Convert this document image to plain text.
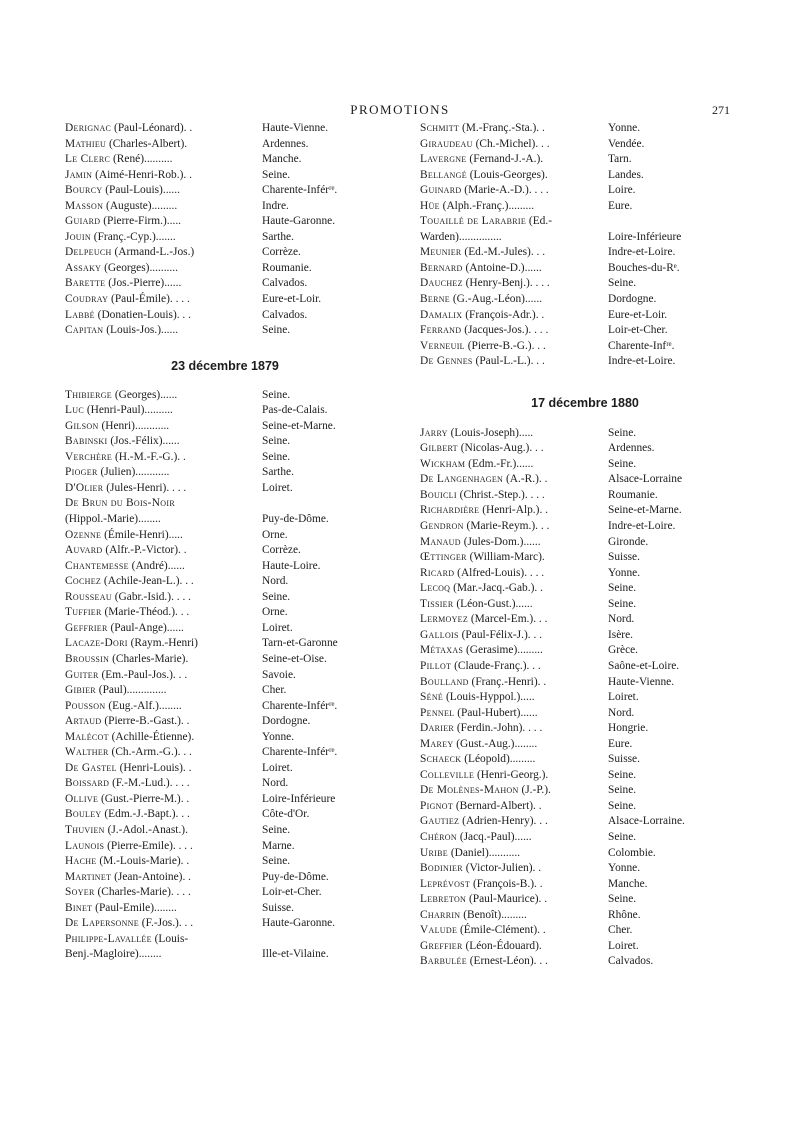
PROMOTIONS	271
Derignac (Paul-Léonard). .	Haute-Vienne.
Mathieu (Charles-Albert).	Ardennes.
Le Clerc (René)..........	Manche.
Jamin (Aimé-Henri-Rob.). .	Seine.
Bourcy (Paul-Louis)......	Charente-Inférʳᵉ.
Masson (Auguste).........	Indre.
Guiard (Pierre-Firm.).....	Haute-Garonne.
Jouin (Franç.-Cyp.).......	Sarthe.
Delpeuch (Armand-L.-Jos.)	Corrèze.
Assaky (Georges)..........	Roumanie.
Barette (Jos.-Pierre)......	Calvados.
Coudray (Paul-Émile). . . .	Eure-et-Loir.
Labbé (Donatien-Louis). . .	Calvados.
Capitan (Louis-Jos.)......	Seine.
23 décembre 1879
Thibierge (Georges)......	Seine.
Luc (Henri-Paul)..........	Pas-de-Calais.
Gilson (Henri)............	Seine-et-Marne.
Babinski (Jos.-Félix)......	Seine.
Verchère (H.-M.-F.-G.). .	Seine.
Pioger (Julien)............	Sarthe.
D'Olier (Jules-Henri). . . .	Loiret.
De Brun du Bois-Noir
(Hippol.-Marie)........	Puy-de-Dôme.
Ozenne (Émile-Henri).....	Orne.
Auvard (Alfr.-P.-Victor). .	Corrèze.
Chantemesse (André)......	Haute-Loire.
Cochez (Achile-Jean-L.). . .	Nord.
Rousseau (Gabr.-Isid.). . . .	Seine.
Tuffier (Marie-Théod.). . .	Orne.
Geffrier (Paul-Ange)......	Loiret.
Lacaze-Dori (Raym.-Henri)	Tarn-et-Garonne
Broussin (Charles-Marie).	Seine-et-Oise.
Guiter (Em.-Paul-Jos.). . .	Savoie.
Gibier (Paul)..............	Cher.
Pousson (Eug.-Alf.)........	Charente-Inférʳᵉ.
Artaud (Pierre-B.-Gast.). .	Dordogne.
Malécot (Achille-Étienne).	Yonne.
Walther (Ch.-Arm.-G.). . .	Charente-Inférʳᵉ.
De Gastel (Henri-Louis). .	Loiret.
Boissard (F.-M.-Lud.). . . .	Nord.
Ollive (Gust.-Pierre-M.). .	Loire-Inférieure
Bouley (Edm.-J.-Bapt.). . .	Côte-d'Or.
Thuvien (J.-Adol.-Anast.).	Seine.
Launois (Pierre-Emile). . . .	Marne.
Hache (M.-Louis-Marie). .	Seine.
Martinet (Jean-Antoine). .	Puy-de-Dôme.
Soyer (Charles-Marie). . . .	Loir-et-Cher.
Binet (Paul-Emile)........	Suisse.
De Lapersonne (F.-Jos.). . .	Haute-Garonne.
Philippe-Lavallée (Louis-
Benj.-Magloire)........	Ille-et-Vilaine.
Schmitt (M.-Franç.-Sta.). .	Yonne.
Giraudeau (Ch.-Michel). . .	Vendée.
Lavergne (Fernand-J.-A.).	Tarn.
Bellangé (Louis-Georges).	Landes.
Guinard (Marie-A.-D.). . . .	Loire.
Hüe (Alph.-Franç.).........	Eure.
Touaillé de Larabrie (Ed.-
Warden)...............	Loire-Inférieure
Meunier (Ed.-M.-Jules). . .	Indre-et-Loire.
Bernard (Antoine-D.)......	Bouches-du-Rᵉ.
Dauchez (Henry-Benj.). . . .	Seine.
Berne (G.-Aug.-Léon)......	Dordogne.
Damalix (François-Adr.). .	Eure-et-Loir.
Ferrand (Jacques-Jos.). . . .	Loir-et-Cher.
Verneuil (Pierre-B.-G.). . .	Charente-Infʳᵉ.
De Gennes (Paul-L.-L.). . .	Indre-et-Loire.
17 décembre 1880
Jarry (Louis-Joseph).....	Seine.
Gilbert (Nicolas-Aug.). . .	Ardennes.
Wickham (Edm.-Fr.)......	Seine.
De Langenhagen (A.-R.). .	Alsace-Lorraine
Bouicli (Christ.-Step.). . . .	Roumanie.
Richardière (Henri-Alp.). .	Seine-et-Marne.
Gendron (Marie-Reym.). . .	Indre-et-Loire.
Manaud (Jules-Dom.)......	Gironde.
Œttinger (William-Marc).	Suisse.
Ricard (Alfred-Louis). . . .	Yonne.
Lecoq (Mar.-Jacq.-Gab.). .	Seine.
Tissier (Léon-Gust.)......	Seine.
Lermoyez (Marcel-Em.). . .	Nord.
Gallois (Paul-Félix-J.). . .	Isère.
Métaxas (Gerasime).........	Grèce.
Pillot (Claude-Franç.). . .	Saône-et-Loire.
Boulland (Franç.-Henri). .	Haute-Vienne.
Séné (Louis-Hyppol.).....	Loiret.
Pennel (Paul-Hubert)......	Nord.
Darier (Ferdin.-John). . . .	Hongrie.
Marey (Gust.-Aug.)........	Eure.
Schaeck (Léopold).........	Suisse.
Colleville (Henri-Georg.).	Seine.
De Molènes-Mahon (J.-P.).	Seine.
Pignot (Bernard-Albert). .	Seine.
Gautiez (Adrien-Henry). . .	Alsace-Lorraine.
Chéron (Jacq.-Paul)......	Seine.
Uribe (Daniel)...........	Colombie.
Bodinier (Victor-Julien). .	Yonne.
Leprévost (François-B.). .	Manche.
Lebreton (Paul-Maurice). .	Seine.
Charrin (Benoît).........	Rhône.
Valude (Émile-Clément). .	Cher.
Greffier (Léon-Édouard).	Loiret.
Barbulée (Ernest-Léon). . .	Calvados.
